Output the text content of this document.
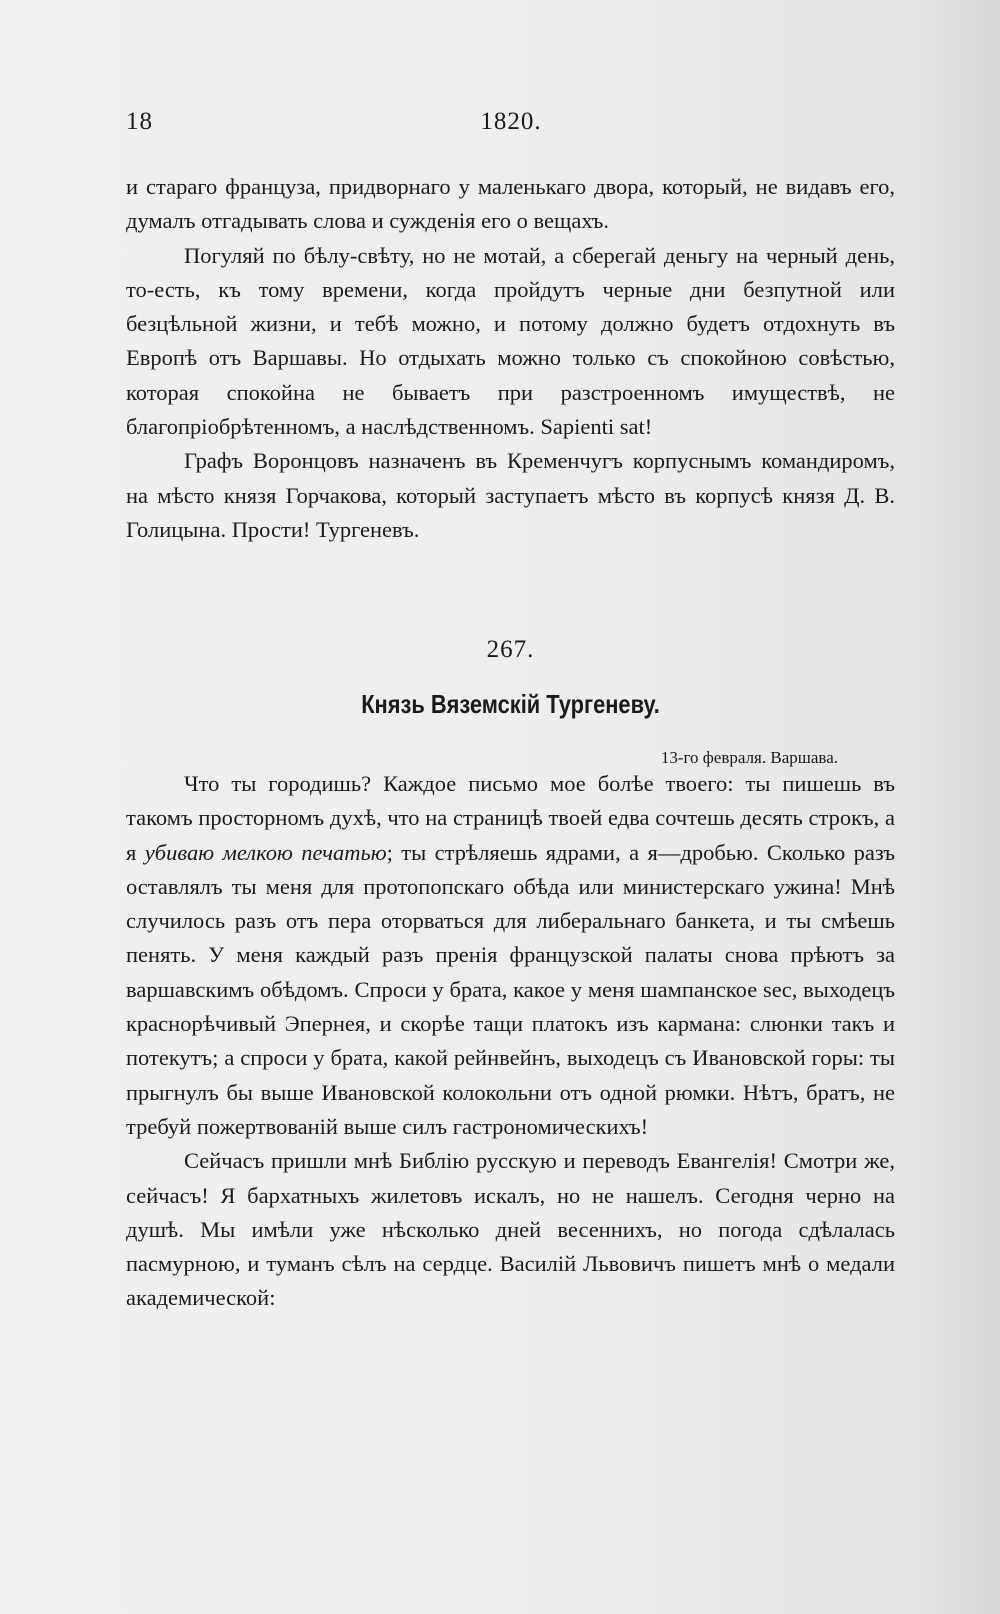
18	1820.

и стараго француза, придворнаго у маленькаго двора, который, не видавъ его, думалъ отгадывать слова и сужденія его о вещахъ.

Погуляй по бѣлу-свѣту, но не мотай, а сберегай деньгу на черный день, то-есть, къ тому времени, когда пройдутъ черные дни безпутной или безцѣльной жизни, и тебѣ можно, и потому должно будетъ отдохнуть въ Европѣ отъ Варшавы. Но отдыхать можно только съ спокойною совѣстью, которая спокойна не бываетъ при разстроенномъ имуществѣ, не благопріобрѣтенномъ, а наслѣдственномъ. Sapienti sat!

Графъ Воронцовъ назначенъ въ Кременчугъ корпуснымъ командиромъ, на мѣсто князя Горчакова, который заступаетъ мѣсто въ корпусѣ князя Д. В. Голицына. Прости! Тургеневъ.

267.
Князь Вяземскій Тургеневу.
13-го февраля. Варшава.

Что ты городишь? Каждое письмо мое болѣе твоего: ты пишешь въ такомъ просторномъ духѣ, что на страницѣ твоей едва сочтешь десять строкъ, а я убиваю мелкою печатью; ты стрѣляешь ядрами, а я—дробью. Сколько разъ оставлялъ ты меня для протопопскаго обѣда или министерскаго ужина! Мнѣ случилось разъ отъ пера оторваться для либеральнаго банкета, и ты смѣешь пенять. У меня каждый разъ пренія французской палаты снова прѣютъ за варшавскимъ обѣдомъ. Спроси у брата, какое у меня шампанское sec, выходецъ краснорѣчивый Эпернея, и скорѣе тащи платокъ изъ кармана: слюнки такъ и потекутъ; а спроси у брата, какой рейнвейнъ, выходецъ съ Ивановской горы: ты прыгнулъ бы выше Ивановской колокольни отъ одной рюмки. Нѣтъ, братъ, не требуй пожертвованій выше силъ гастрономическихъ!

Сейчасъ пришли мнѣ Библію русскую и переводъ Евангелія! Смотри же, сейчасъ! Я бархатныхъ жилетовъ искалъ, но не нашелъ. Сегодня черно на душѣ. Мы имѣли уже нѣсколько дней весеннихъ, но погода сдѣлалась пасмурною, и туманъ сѣлъ на сердце. Василій Львовичъ пишетъ мнѣ о медали академической:
